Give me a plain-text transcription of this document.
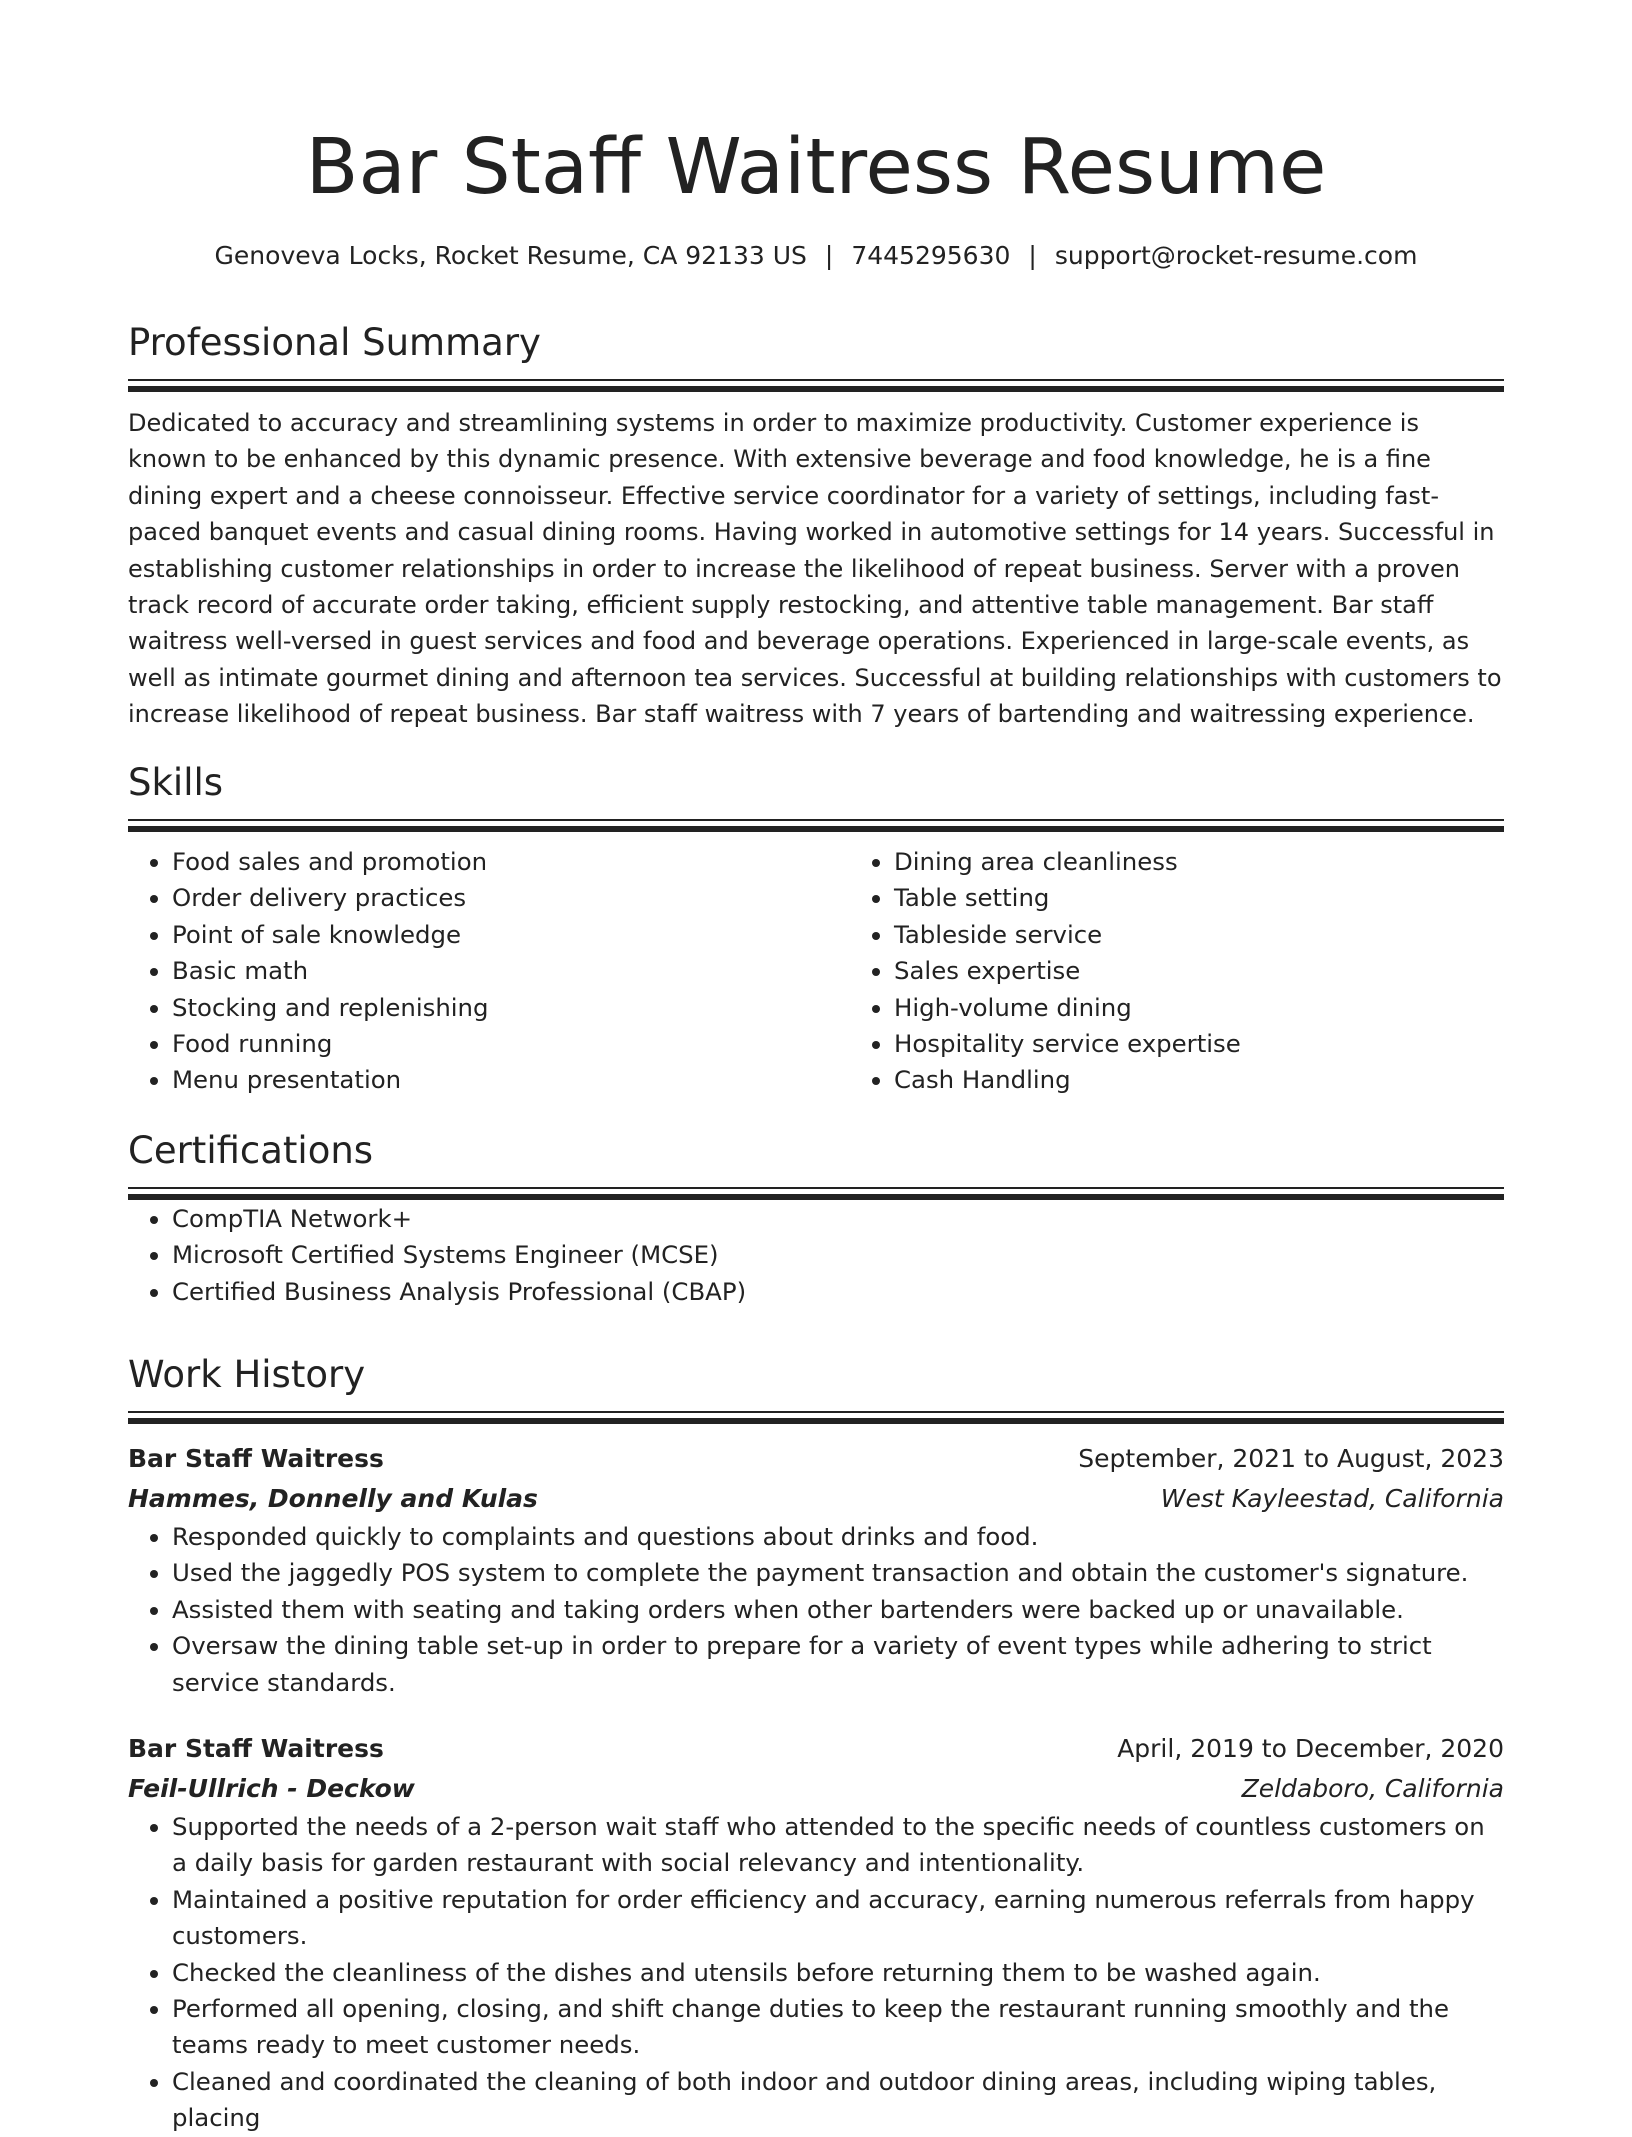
Bar Staff Waitress Resume
Genoveva Locks, Rocket Resume, CA 92133 US | 7445295630 | support@rocket-resume.com
Professional Summary

Dedicated to accuracy and streamlining systems in order to maximize productivity. Customer experience is known to be enhanced by this dynamic presence. With extensive beverage and food knowledge, he is a fine dining expert and a cheese connoisseur. Effective service coordinator for a variety of settings, including fast-paced banquet events and casual dining rooms. Having worked in automotive settings for 14 years. Successful in establishing customer relationships in order to increase the likelihood of repeat business. Server with a proven track record of accurate order taking, efficient supply restocking, and attentive table management. Bar staff waitress well-versed in guest services and food and beverage operations. Experienced in large-scale events, as well as intimate gourmet dining and afternoon tea services. Successful at building relationships with customers to increase likelihood of repeat business. Bar staff waitress with 7 years of bartending and waitressing experience.

Skills
• Food sales and promotion
• Order delivery practices
• Point of sale knowledge
• Basic math
• Stocking and replenishing
• Food running
• Menu presentation
• Dining area cleanliness
• Table setting
• Tableside service
• Sales expertise
• High-volume dining
• Hospitality service expertise
• Cash Handling
Certifications
• CompTIA Network+
• Microsoft Certified Systems Engineer (MCSE)
• Certified Business Analysis Professional (CBAP)
Work History
Bar Staff Waitress	September, 2021 to August, 2023
Hammes, Donnelly and Kulas	West Kayleestad, California
• Responded quickly to complaints and questions about drinks and food.
• Used the jaggedly POS system to complete the payment transaction and obtain the customer's signature.
• Assisted them with seating and taking orders when other bartenders were backed up or unavailable.
• Oversaw the dining table set-up in order to prepare for a variety of event types while adhering to strict service standards.
Bar Staff Waitress	April, 2019 to December, 2020
Feil-Ullrich - Deckow	Zeldaboro, California
• Supported the needs of a 2-person wait staff who attended to the specific needs of countless customers on a daily basis for garden restaurant with social relevancy and intentionality.
• Maintained a positive reputation for order efficiency and accuracy, earning numerous referrals from happy customers.
• Checked the cleanliness of the dishes and utensils before returning them to be washed again.
• Performed all opening, closing, and shift change duties to keep the restaurant running smoothly and the teams ready to meet customer needs.
• Cleaned and coordinated the cleaning of both indoor and outdoor dining areas, including wiping tables, placing
